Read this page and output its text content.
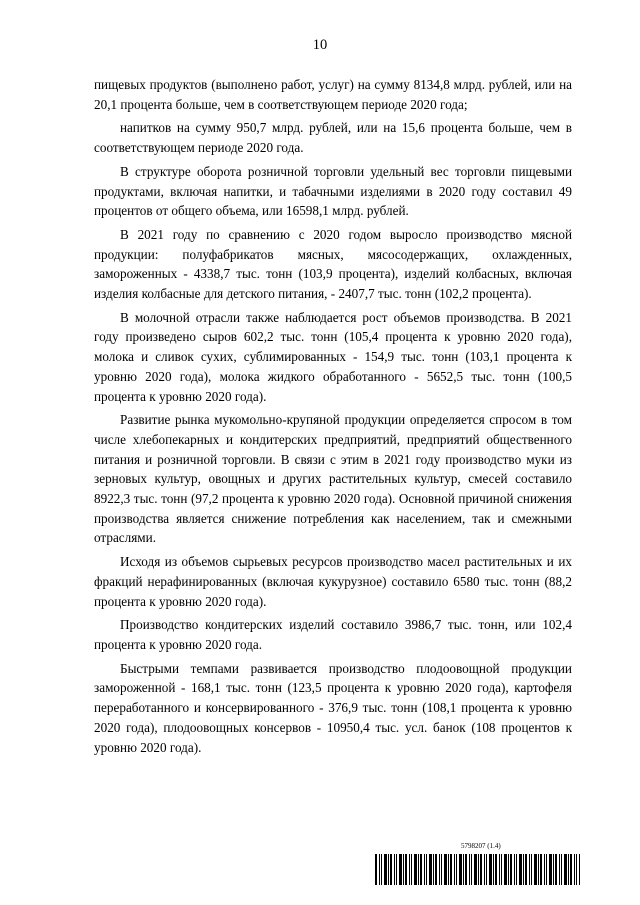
10

пищевых продуктов (выполнено работ, услуг) на сумму 8134,8 млрд. рублей, или на 20,1 процента больше, чем в соответствующем периоде 2020 года;

напитков на сумму 950,7 млрд. рублей, или на 15,6 процента больше, чем в соответствующем периоде 2020 года.

В структуре оборота розничной торговли удельный вес торговли пищевыми продуктами, включая напитки, и табачными изделиями в 2020 году составил 49 процентов от общего объема, или 16598,1 млрд. рублей.

В 2021 году по сравнению с 2020 годом выросло производство мясной продукции: полуфабрикатов мясных, мясосодержащих, охлажденных, замороженных - 4338,7 тыс. тонн (103,9 процента), изделий колбасных, включая изделия колбасные для детского питания, - 2407,7 тыс. тонн (102,2 процента).

В молочной отрасли также наблюдается рост объемов производства. В 2021 году произведено сыров 602,2 тыс. тонн (105,4 процента к уровню 2020 года), молока и сливок сухих, сублимированных - 154,9 тыс. тонн (103,1 процента к уровню 2020 года), молока жидкого обработанного - 5652,5 тыс. тонн (100,5 процента к уровню 2020 года).

Развитие рынка мукомольно-крупяной продукции определяется спросом в том числе хлебопекарных и кондитерских предприятий, предприятий общественного питания и розничной торговли. В связи с этим в 2021 году производство муки из зерновых культур, овощных и других растительных культур, смесей составило 8922,3 тыс. тонн (97,2 процента к уровню 2020 года). Основной причиной снижения производства является снижение потребления как населением, так и смежными отраслями.

Исходя из объемов сырьевых ресурсов производство масел растительных и их фракций нерафинированных (включая кукурузное) составило 6580 тыс. тонн (88,2 процента к уровню 2020 года).

Производство кондитерских изделий составило 3986,7 тыс. тонн, или 102,4 процента к уровню 2020 года.

Быстрыми темпами развивается производство плодоовощной продукции замороженной - 168,1 тыс. тонн (123,5 процента к уровню 2020 года), картофеля переработанного и консервированного - 376,9 тыс. тонн (108,1 процента к уровню 2020 года), плодоовощных консервов - 10950,4 тыс. усл. банок (108 процентов к уровню 2020 года).

5798207 (1.4)
